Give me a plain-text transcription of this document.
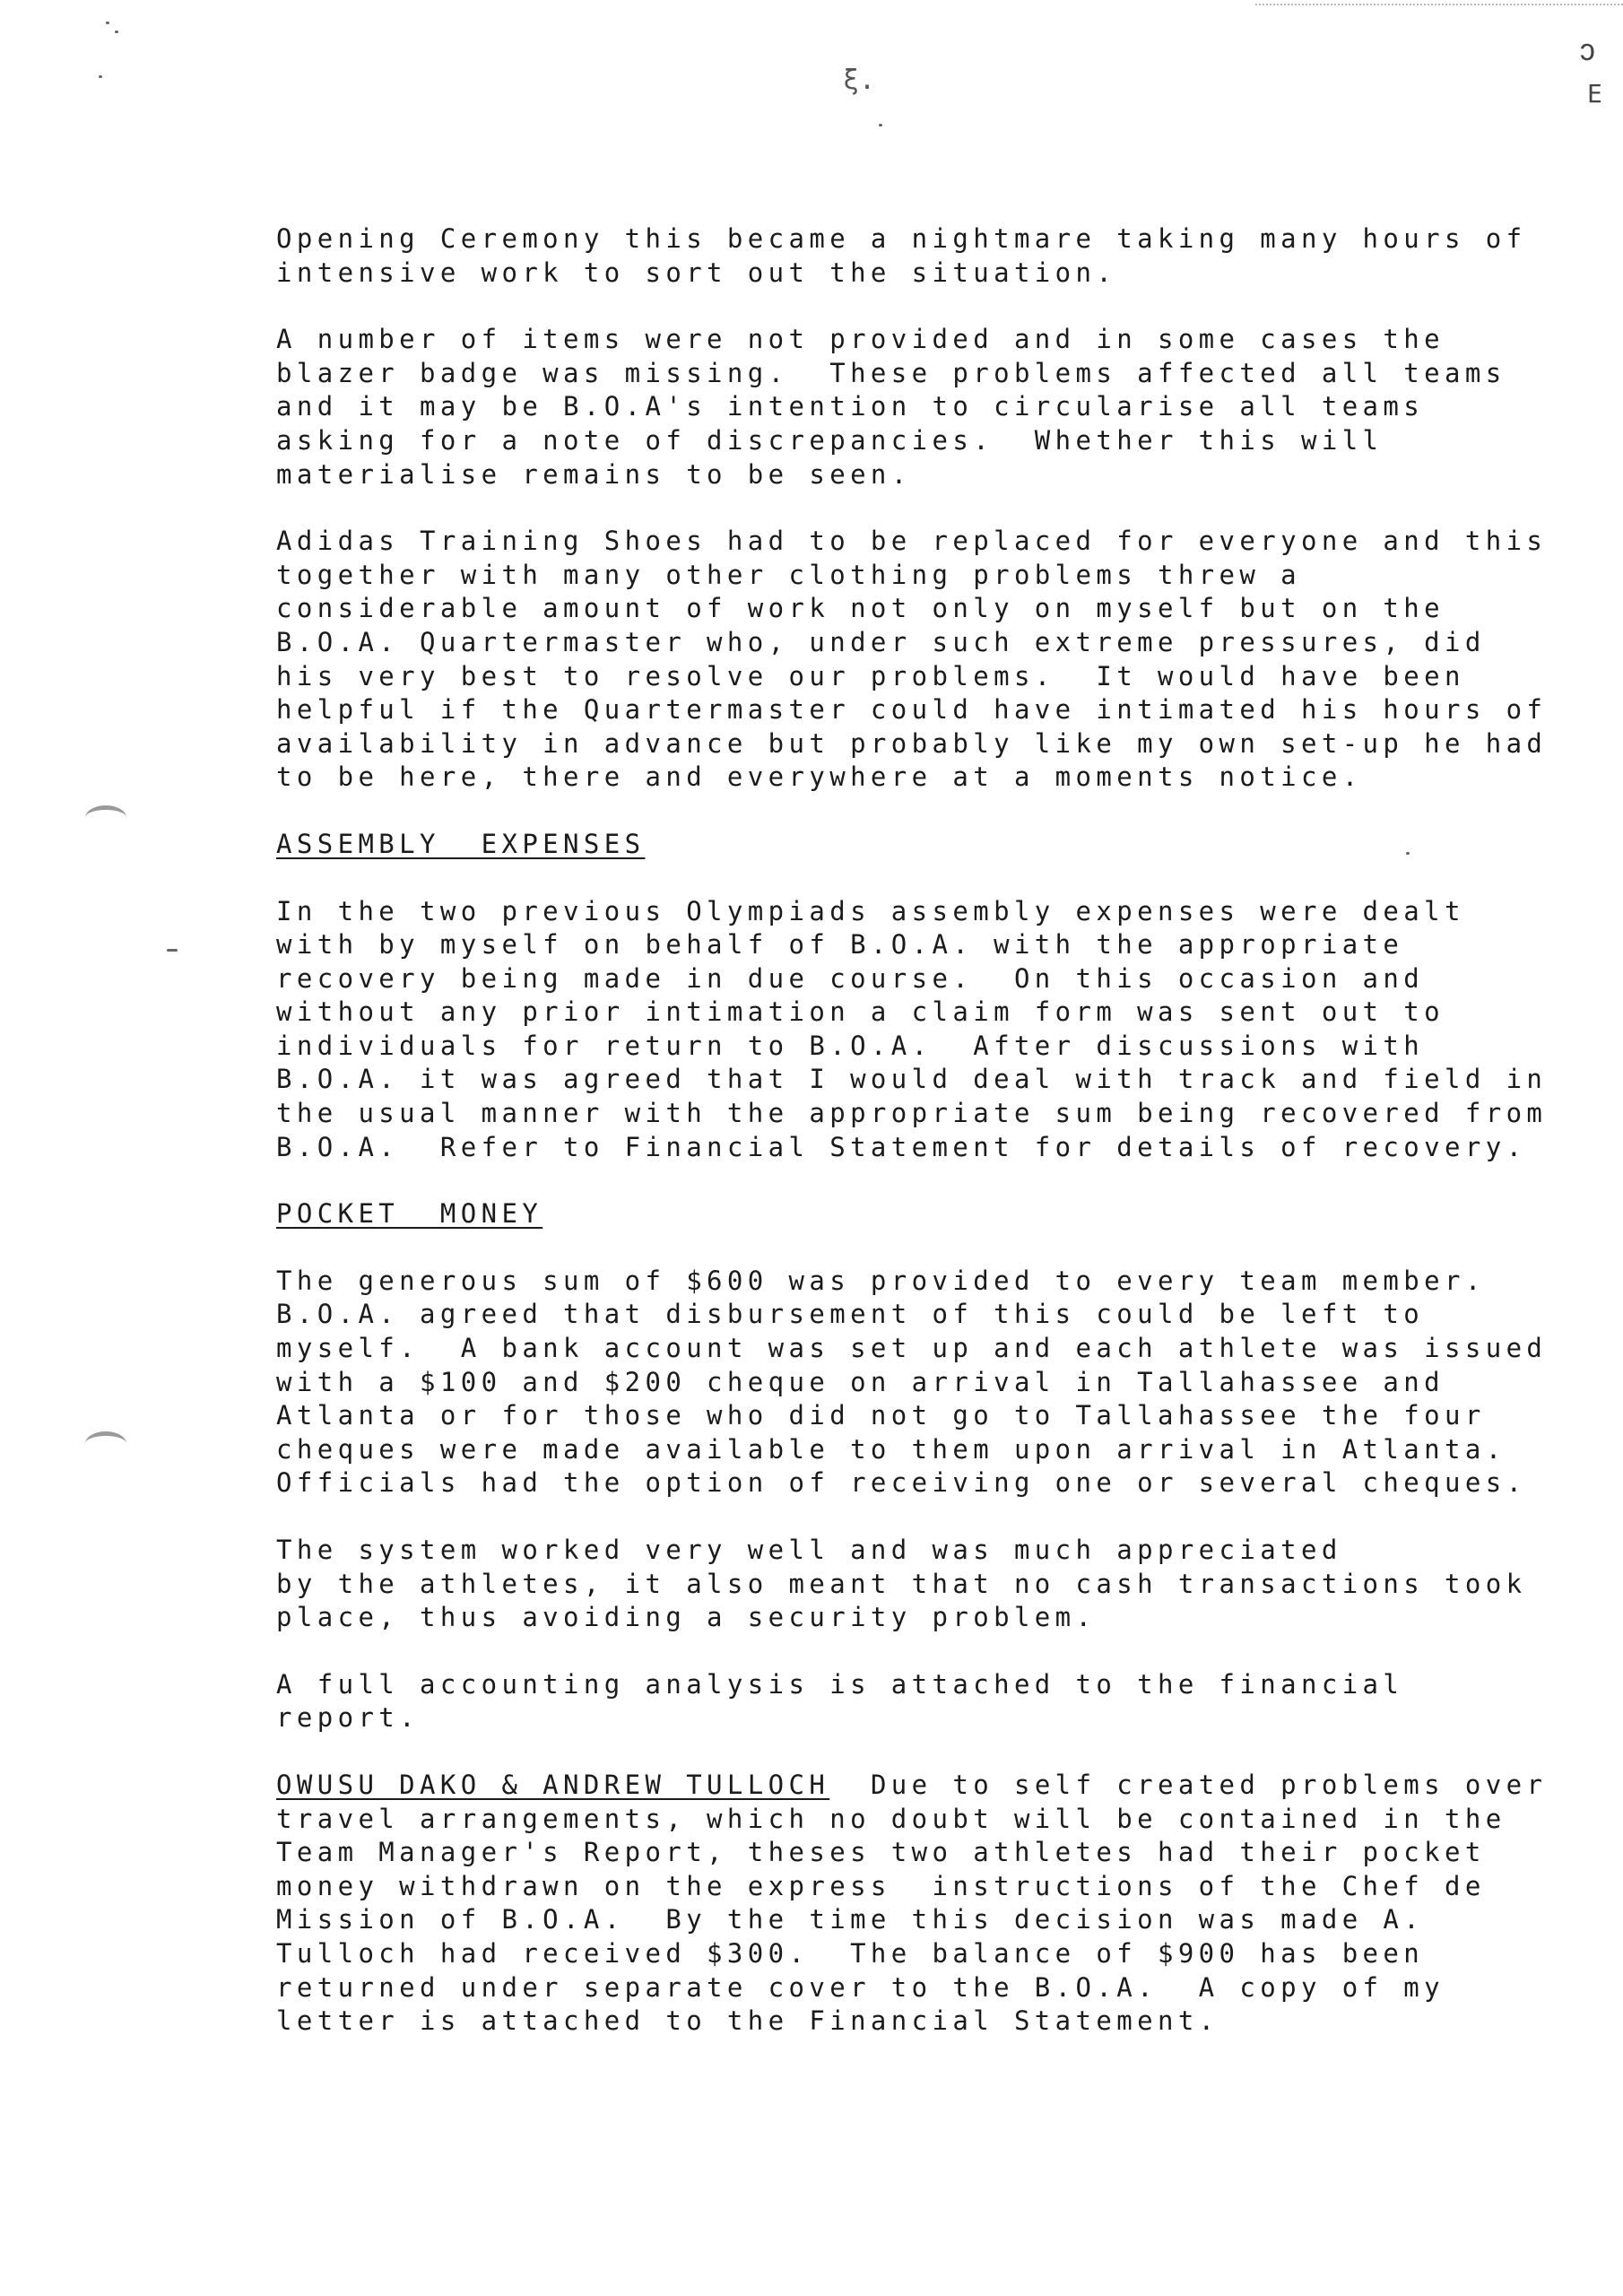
ξ.
ↄ
E

Opening Ceremony this became a nightmare taking many hours of
intensive work to sort out the situation.

A number of items were not provided and in some cases the
blazer badge was missing.  These problems affected all teams
and it may be B.O.A's intention to circularise all teams
asking for a note of discrepancies.  Whether this will
materialise remains to be seen.

Adidas Training Shoes had to be replaced for everyone and this
together with many other clothing problems threw a
considerable amount of work not only on myself but on the
B.O.A. Quartermaster who, under such extreme pressures, did
his very best to resolve our problems.  It would have been
helpful if the Quartermaster could have intimated his hours of
availability in advance but probably like my own set-up he had
to be here, there and everywhere at a moments notice.

ASSEMBLY  EXPENSES

In the two previous Olympiads assembly expenses were dealt
with by myself on behalf of B.O.A. with the appropriate
recovery being made in due course.  On this occasion and
without any prior intimation a claim form was sent out to
individuals for return to B.O.A.  After discussions with
B.O.A. it was agreed that I would deal with track and field in
the usual manner with the appropriate sum being recovered from
B.O.A.  Refer to Financial Statement for details of recovery.

POCKET  MONEY

The generous sum of $600 was provided to every team member.
B.O.A. agreed that disbursement of this could be left to
myself.  A bank account was set up and each athlete was issued
with a $100 and $200 cheque on arrival in Tallahassee and
Atlanta or for those who did not go to Tallahassee the four
cheques were made available to them upon arrival in Atlanta.
Officials had the option of receiving one or several cheques.

The system worked very well and was much appreciated
by the athletes, it also meant that no cash transactions took
place, thus avoiding a security problem.

A full accounting analysis is attached to the financial
report.

OWUSU DAKO & ANDREW TULLOCH  Due to self created problems over
travel arrangements, which no doubt will be contained in the
Team Manager's Report, theses two athletes had their pocket
money withdrawn on the express  instructions of the Chef de
Mission of B.O.A.  By the time this decision was made A.
Tulloch had received $300.  The balance of $900 has been
returned under separate cover to the B.O.A.  A copy of my
letter is attached to the Financial Statement.
